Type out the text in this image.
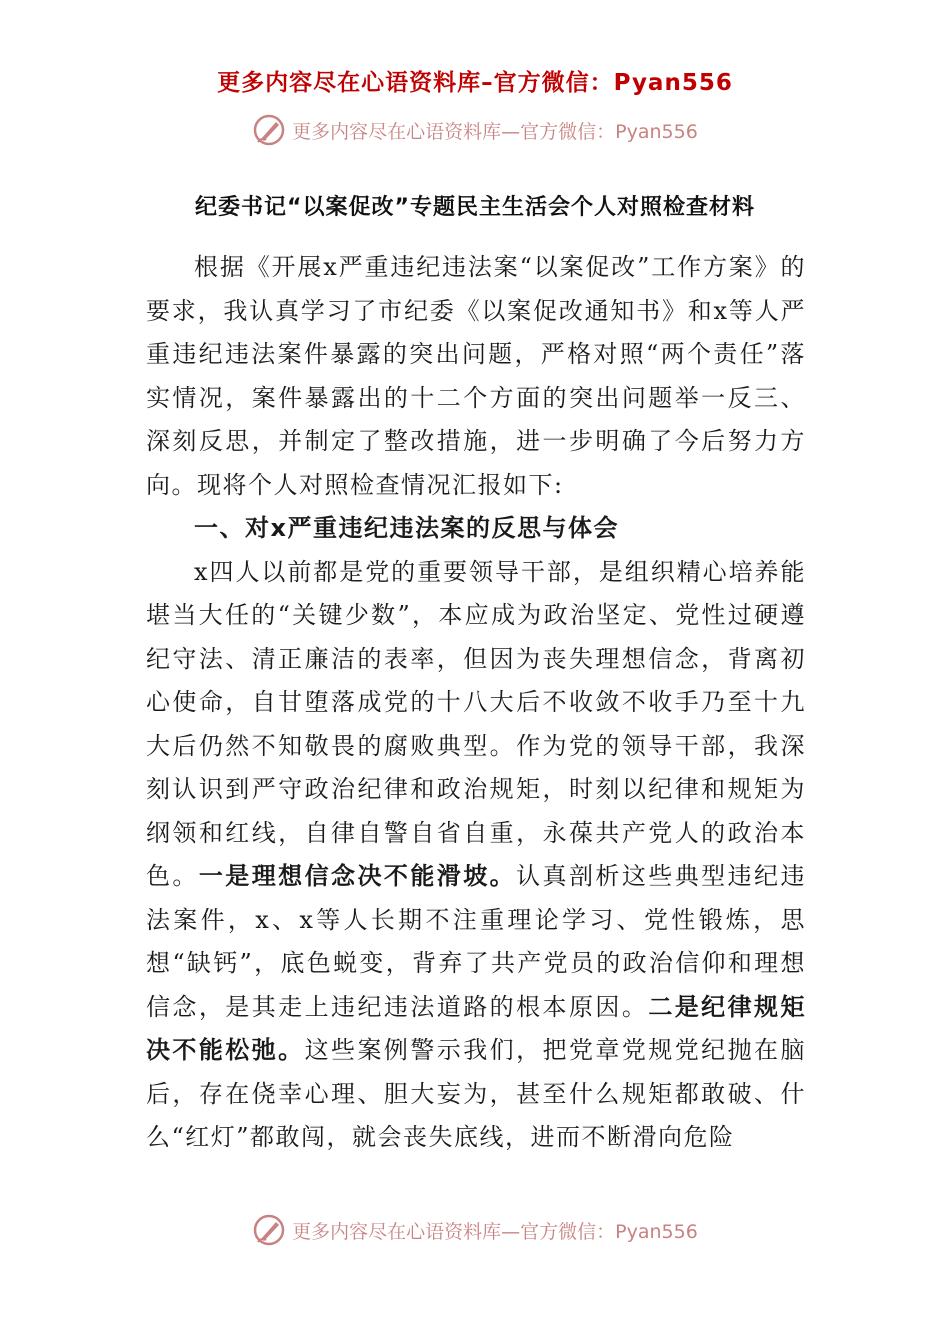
更多内容尽在心语资料库–官方微信：Pyan556
更多内容尽在心语资料库—官方微信：Pyan556
纪委书记“以案促改”专题民主生活会个人对照检查材料

根据《开展x严重违纪违法案“以案促改”工作方案》的要求，我认真学习了市纪委《以案促改通知书》和x等人严重违纪违法案件暴露的突出问题，严格对照“两个责任”落实情况，案件暴露出的十二个方面的突出问题举一反三、深刻反思，并制定了整改措施，进一步明确了今后努力方向。现将个人对照检查情况汇报如下:

一、对x严重违纪违法案的反思与体会

x四人以前都是党的重要领导干部，是组织精心培养能堪当大任的“关键少数”，本应成为政治坚定、党性过硬遵纪守法、清正廉洁的表率，但因为丧失理想信念，背离初心使命，自甘堕落成党的十八大后不收敛不收手乃至十九大后仍然不知敬畏的腐败典型。作为党的领导干部，我深刻认识到严守政治纪律和政治规矩，时刻以纪律和规矩为纲领和红线，自律自警自省自重，永葆共产党人的政治本色。一是理想信念决不能滑坡。认真剖析这些典型违纪违法案件，x、x等人长期不注重理论学习、党性锻炼，思想“缺钙”，底色蜕变，背弃了共产党员的政治信仰和理想信念，是其走上违纪违法道路的根本原因。二是纪律规矩决不能松弛。这些案例警示我们，把党章党规党纪抛在脑后，存在侥幸心理、胆大妄为，甚至什么规矩都敢破、什么“红灯”都敢闯，就会丧失底线，进而不断滑向危险

更多内容尽在心语资料库—官方微信：Pyan556
